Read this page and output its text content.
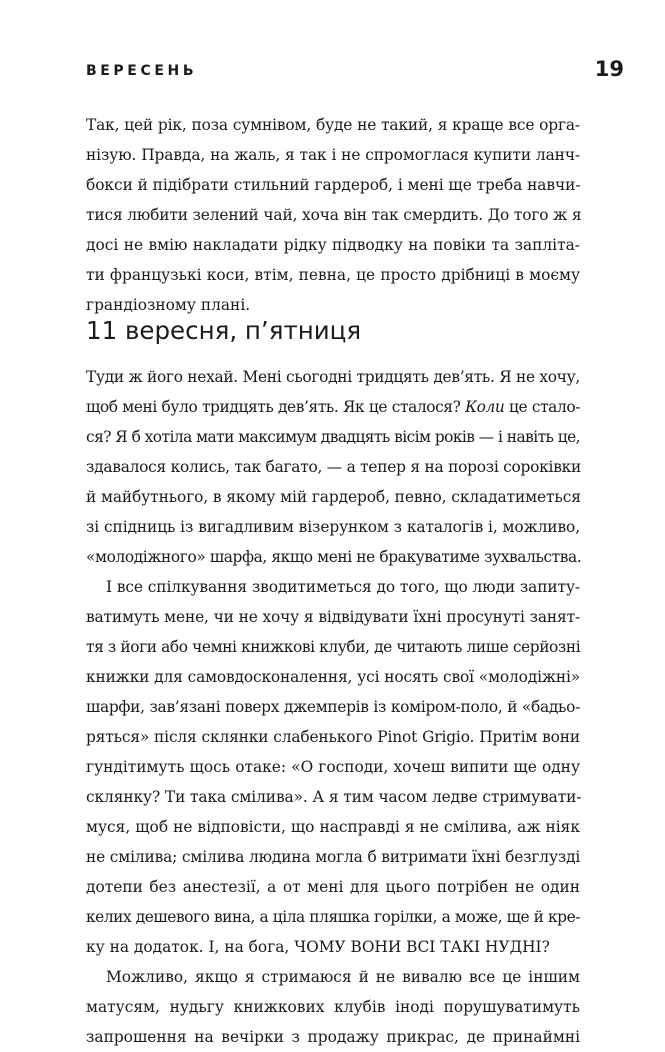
ВЕРЕСЕНЬ	19
Так, цей рік, поза сумнівом, буде не такий, я краще все орга-
нізую. Правда, на жаль, я так і не спромоглася купити ланч-
бокси й підібрати стильний гардероб, і мені ще треба навчи-
тися любити зелений чай, хоча він так смердить. До того ж я
досі не вмію накладати рідку підводку на повіки та запліта-
ти французькі коси, втім, певна, це просто дрібниці в моєму
грандіозному плані.
11 вересня, п’ятниця
Туди ж його нехай. Мені сьогодні тридцять дев’ять. Я не хочу,
щоб мені було тридцять дев’ять. Як це сталося? Коли це стало-
ся? Я б хотіла мати максимум двадцять вісім років — і навіть це,
здавалося колись, так багато, — а тепер я на порозі сороківки
й майбутнього, в якому мій гардероб, певно, складатиметься
зі спідниць із вигадливим візерунком з каталогів і, можливо,
«молодіжного» шарфа, якщо мені не бракуватиме зухвальства.
І все спілкування зводитиметься до того, що люди запиту-
ватимуть мене, чи не хочу я відвідувати їхні просунуті занят-
тя з йоги або чемні книжкові клуби, де читають лише серйозні
книжки для самовдосконалення, усі носять свої «молодіжні»
шарфи, зав’язані поверх джемперів із коміром-поло, й «бадьо-
ряться» після склянки слабенького Pinot Grigio. Притім вони
гундітимуть щось отаке: «О господи, хочеш випити ще одну
склянку? Ти така смілива». А я тим часом ледве стримувати-
муся, щоб не відповісти, що насправді я не смілива, аж ніяк
не смілива; смілива людина могла б витримати їхні безглузді
дотепи без анестезії, а от мені для цього потрібен не один
келих дешевого вина, а ціла пляшка горілки, а може, ще й кре-
ку на додаток. І, на бога, ЧОМУ ВОНИ ВСІ ТАКІ НУДНІ?
Можливо, якщо я стримаюся й не вивалю все це іншим
матусям, нудьгу книжкових клубів іноді порушуватимуть
запрошення на вечірки з продажу прикрас, де принаймні
